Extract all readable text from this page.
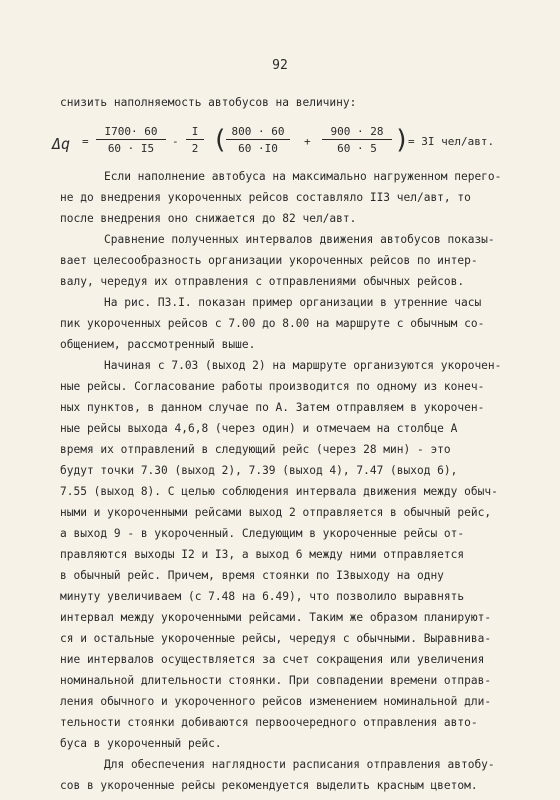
92
снизить наполняемость автобусов на величину:
Δq =
I700· 60
60 · I5
-
I
2 ( 800 · 60
60 ·I0
+
900 · 28
60 · 5 )
= 3I чел/авт.
Если наполнение автобуса на максимально нагруженном перего-
не до внедрения укороченных рейсов составляло II3 чел/авт, то
после внедрения оно снижается до 82 чел/авт.
Сравнение полученных интервалов движения автобусов показы-
вает целесообразность организации укороченных рейсов по интер-
валу, чередуя их отправления с отправлениями обычных рейсов.
На рис. П3.I. показан пример организации в утренние часы
пик укороченных рейсов с 7.00 до 8.00 на маршруте с обычным со-
общением, рассмотренный выше.
Начиная с 7.03 (выход 2) на маршруте организуются укорочен-
ные рейсы. Согласование работы производится по одному из конеч-
ных пунктов, в данном случае по А. Затем отправляем в укорочен-
ные рейсы выхода 4,6,8 (через один) и отмечаем на столбце А
время их отправлений в следующий рейс (через 28 мин) - это
будут точки 7.30 (выход 2), 7.39 (выход 4), 7.47 (выход 6),
7.55 (выход 8). С целью соблюдения интервала движения между обыч-
ными и укороченными рейсами выход 2 отправляется в обычный рейс,
а выход 9 - в укороченный. Следующим в укороченные рейсы от-
правляются выходы I2 и I3, а выход 6 между ними отправляется
в обычный рейс. Причем, время стоянки по I3выходу на одну
минуту увеличиваем (с 7.48 на 6.49), что позволило выравнять
интервал между укороченными рейсами. Таким же образом планируют-
ся и остальные укороченные рейсы, чередуя с обычными. Выравнива-
ние интервалов осуществляется за счет сокращения или увеличения
номинальной длительности стоянки. При совпадении времени отправ-
ления обычного и укороченного рейсов изменением номинальной дли-
тельности стоянки добиваются первоочередного отправления авто-
буса в укороченный рейс.
Для обеспечения наглядности расписания отправления автобу-
сов в укороченные рейсы рекомендуется выделить красным цветом.
